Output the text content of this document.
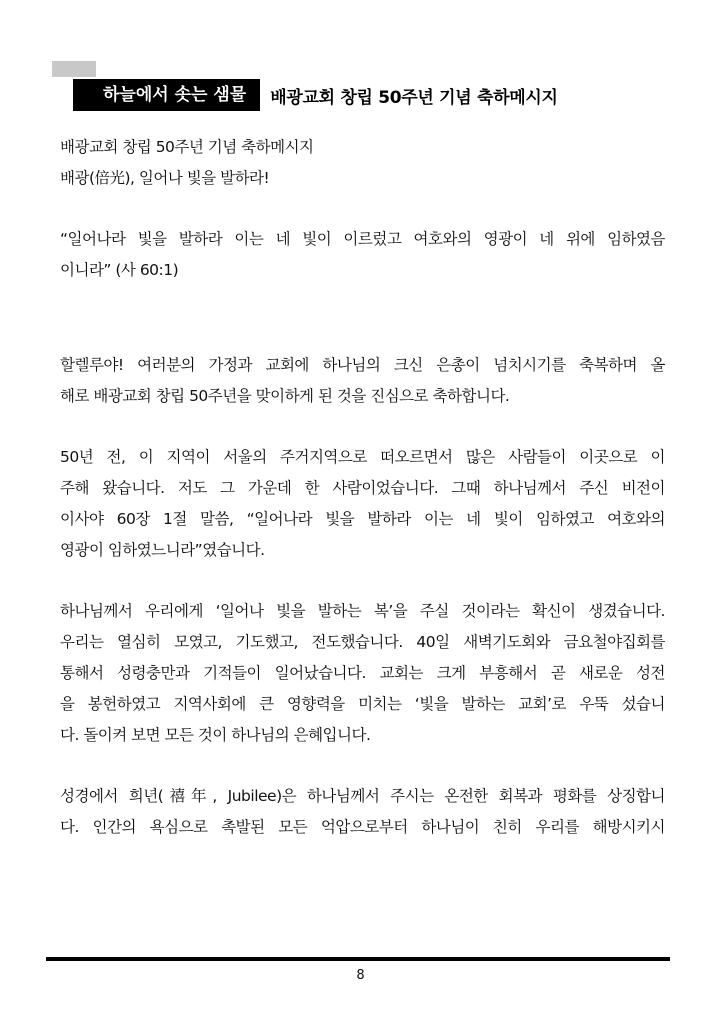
하늘에서 솟는 샘물	배광교회 창립 50주년 기념 축하메시지
배광교회 창립 50주년 기념 축하메시지
배광(倍光), 일어나 빛을 발하라!
“일어나라 빛을 발하라 이는 네 빛이 이르렀고 여호와의 영광이 네 위에 임하였음
이니라” (사 60:1)
할렐루야! 여러분의 가정과 교회에 하나님의 크신 은총이 넘치시기를 축복하며 올
해로 배광교회 창립 50주년을 맞이하게 된 것을 진심으로 축하합니다.
50년 전, 이 지역이 서울의 주거지역으로 떠오르면서 많은 사람들이 이곳으로 이
주해 왔습니다. 저도 그 가운데 한 사람이었습니다. 그때 하나님께서 주신 비전이
이사야 60장 1절 말씀, “일어나라 빛을 발하라 이는 네 빛이 임하였고 여호와의
영광이 임하였느니라”였습니다.
하나님께서 우리에게 ‘일어나 빛을 발하는 복’을 주실 것이라는 확신이 생겼습니다.
우리는 열심히 모였고, 기도했고, 전도했습니다. 40일 새벽기도회와 금요철야집회를
통해서 성령충만과 기적들이 일어났습니다. 교회는 크게 부흥해서 곧 새로운 성전
을 봉헌하였고 지역사회에 큰 영향력을 미치는 ‘빛을 발하는 교회’로 우뚝 섰습니
다. 돌이켜 보면 모든 것이 하나님의 은혜입니다.
성경에서 희년(禧年, Jubilee)은 하나님께서 주시는 온전한 회복과 평화를 상징합니
다. 인간의 욕심으로 촉발된 모든 억압으로부터 하나님이 친히 우리를 해방시키시
8
